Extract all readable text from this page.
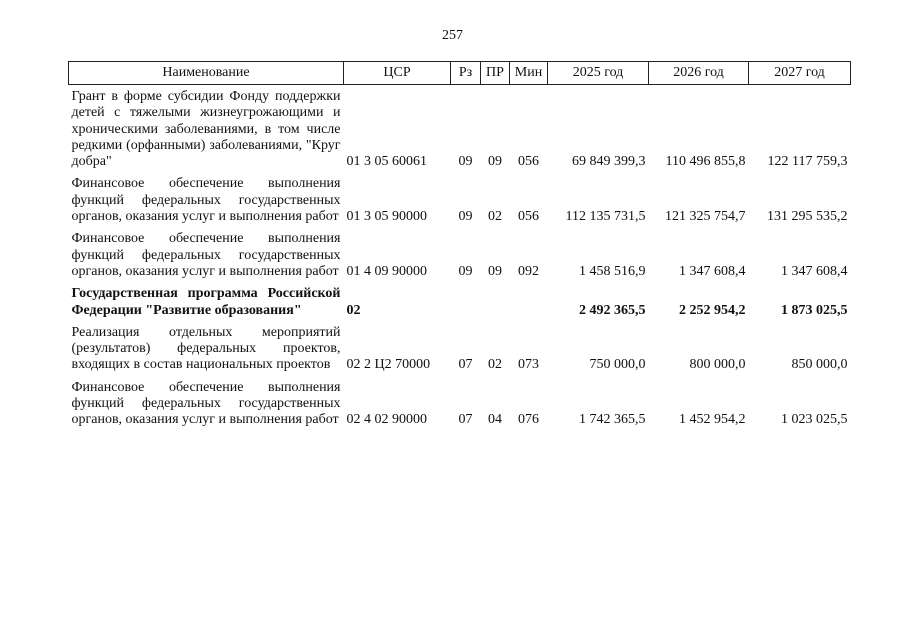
257
Наименование	ЦСР	Рз	ПР	Мин	2025 год	2026 год	2027 год
Грант в форме субсидии Фонду поддержки детей с тяжелыми жизнеугрожающими и хроническими заболеваниями, в том числе редкими (орфанными) заболеваниями, "Круг добра"	01 3 05 60061	09	09	056	69 849 399,3	110 496 855,8	122 117 759,3
Финансовое обеспечение выполнения функций федеральных государственных органов, оказания услуг и выполнения работ	01 3 05 90000	09	02	056	112 135 731,5	121 325 754,7	131 295 535,2
Финансовое обеспечение выполнения функций федеральных государственных органов, оказания услуг и выполнения работ	01 4 09 90000	09	09	092	1 458 516,9	1 347 608,4	1 347 608,4
Государственная программа Российской Федерации "Развитие образования"	02				2 492 365,5	2 252 954,2	1 873 025,5
Реализация отдельных мероприятий (результатов) федеральных проектов, входящих в состав национальных проектов	02 2 Ц2 70000	07	02	073	750 000,0	800 000,0	850 000,0
Финансовое обеспечение выполнения функций федеральных государственных органов, оказания услуг и выполнения работ	02 4 02 90000	07	04	076	1 742 365,5	1 452 954,2	1 023 025,5
